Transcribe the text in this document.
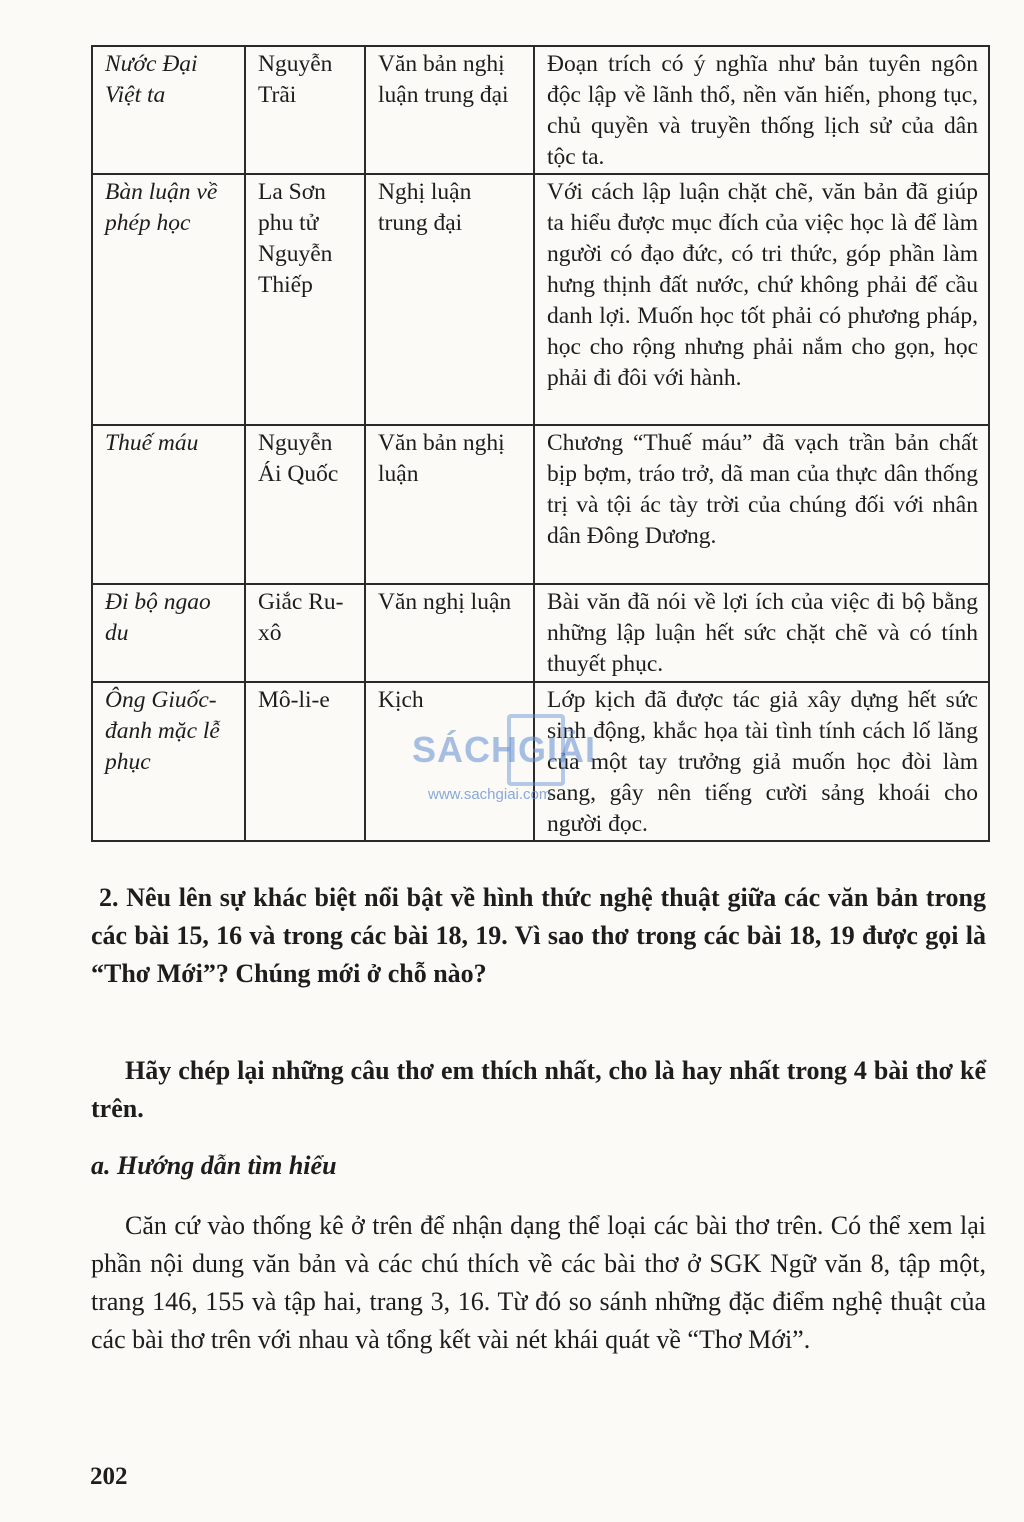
Nước Đại Việt ta	Nguyễn Trãi	Văn bản nghị luận trung đại	Đoạn trích có ý nghĩa như bản tuyên ngôn độc lập về lãnh thổ, nền văn hiến, phong tục, chủ quyền và truyền thống lịch sử của dân tộc ta.
Bàn luận về phép học	La Sơn phu tử Nguyễn Thiếp	Nghị luận trung đại	Với cách lập luận chặt chẽ, văn bản đã giúp ta hiểu được mục đích của việc học là để làm người có đạo đức, có tri thức, góp phần làm hưng thịnh đất nước, chứ không phải để cầu danh lợi. Muốn học tốt phải có phương pháp, học cho rộng nhưng phải nắm cho gọn, học phải đi đôi với hành.
Thuế máu	Nguyễn Ái Quốc	Văn bản nghị luận	Chương “Thuế máu” đã vạch trần bản chất bịp bợm, tráo trở, dã man của thực dân thống trị và tội ác tày trời của chúng đối với nhân dân Đông Dương.
Đi bộ ngao du	Giắc Ru-xô	Văn nghị luận	Bài văn đã nói về lợi ích của việc đi bộ bằng những lập luận hết sức chặt chẽ và có tính thuyết phục.
Ông Giuốc-đanh mặc lễ phục	Mô-li-e	Kịch	Lớp kịch đã được tác giả xây dựng hết sức sinh động, khắc họa tài tình tính cách lố lăng của một tay trưởng giả muốn học đòi làm sang, gây nên tiếng cười sảng khoái cho người đọc.
SÁCHGIẢI
www.sachgiai.com

2. Nêu lên sự khác biệt nổi bật về hình thức nghệ thuật giữa các văn bản trong các bài 15, 16 và trong các bài 18, 19. Vì sao thơ trong các bài 18, 19 được gọi là “Thơ Mới”? Chúng mới ở chỗ nào?

Hãy chép lại những câu thơ em thích nhất, cho là hay nhất trong 4 bài thơ kể trên.

a. Hướng dẫn tìm hiểu

Căn cứ vào thống kê ở trên để nhận dạng thể loại các bài thơ trên. Có thể xem lại phần nội dung văn bản và các chú thích về các bài thơ ở SGK Ngữ văn 8, tập một, trang 146, 155 và tập hai, trang 3, 16. Từ đó so sánh những đặc điểm nghệ thuật của các bài thơ trên với nhau và tổng kết vài nét khái quát về “Thơ Mới”.

202
